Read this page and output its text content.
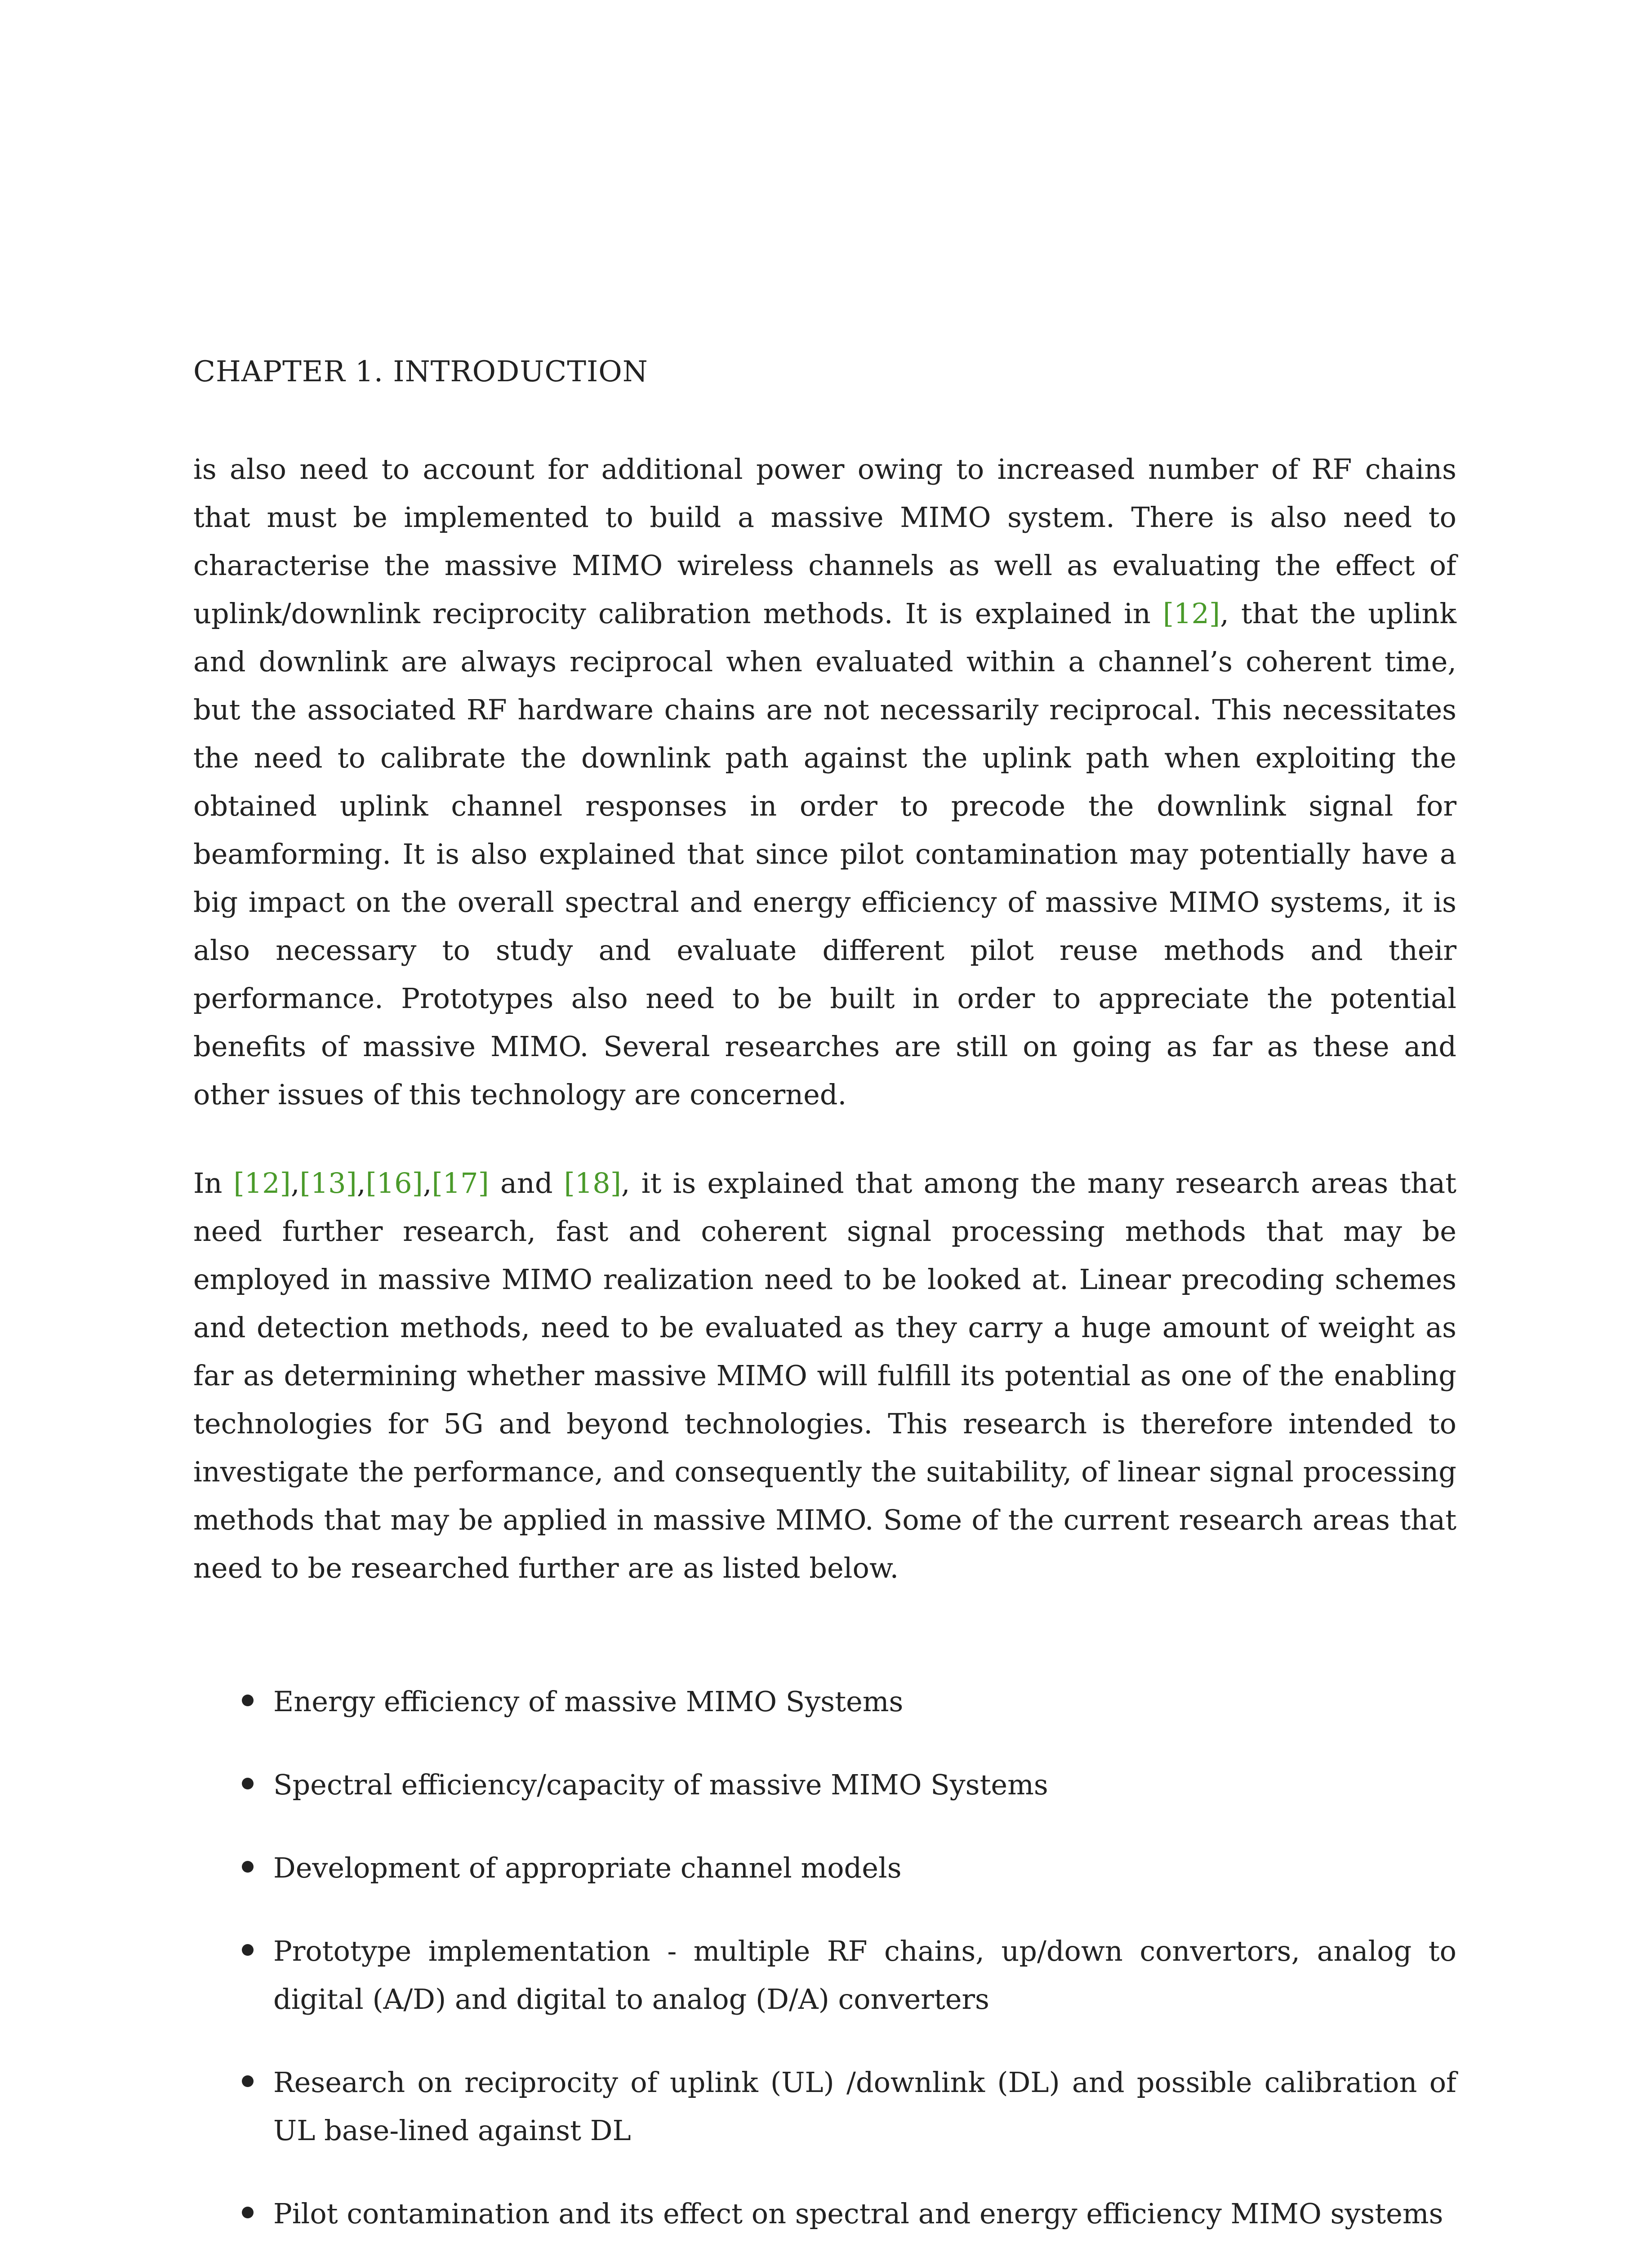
CHAPTER 1. INTRODUCTION

is also need to account for additional power owing to increased number of RF chains that must be implemented to build a massive MIMO system. There is also need to characterise the massive MIMO wireless channels as well as evaluating the effect of uplink/downlink reciprocity calibration methods. It is explained in [12], that the uplink and downlink are always reciprocal when evaluated within a channel’s coherent time, but the associated RF hardware chains are not necessarily reciprocal. This necessitates the need to calibrate the downlink path against the uplink path when exploiting the obtained uplink channel responses in order to precode the downlink signal for beamforming. It is also explained that since pilot contamination may potentially have a big impact on the overall spectral and energy efficiency of massive MIMO systems, it is also necessary to study and evaluate different pilot reuse methods and their performance. Prototypes also need to be built in order to appreciate the potential benefits of massive MIMO. Several researches are still on going as far as these and other issues of this technology are concerned.

In [12],[13],[16],[17] and [18], it is explained that among the many research areas that need further research, fast and coherent signal processing methods that may be employed in massive MIMO realization need to be looked at. Linear precoding schemes and detection methods, need to be evaluated as they carry a huge amount of weight as far as determining whether massive MIMO will fulfill its potential as one of the enabling technologies for 5G and beyond technologies. This research is therefore intended to investigate the performance, and consequently the suitability, of linear signal processing methods that may be applied in massive MIMO. Some of the current research areas that need to be researched further are as listed below.

Energy efficiency of massive MIMO Systems
Spectral efficiency/capacity of massive MIMO Systems
Development of appropriate channel models
Prototype implementation - multiple RF chains, up/down convertors, analog to digital (A/D) and digital to analog (D/A) converters
Research on reciprocity of uplink (UL) /downlink (DL) and possible calibration of UL base-lined against DL
Pilot contamination and its effect on spectral and energy efficiency MIMO systems
